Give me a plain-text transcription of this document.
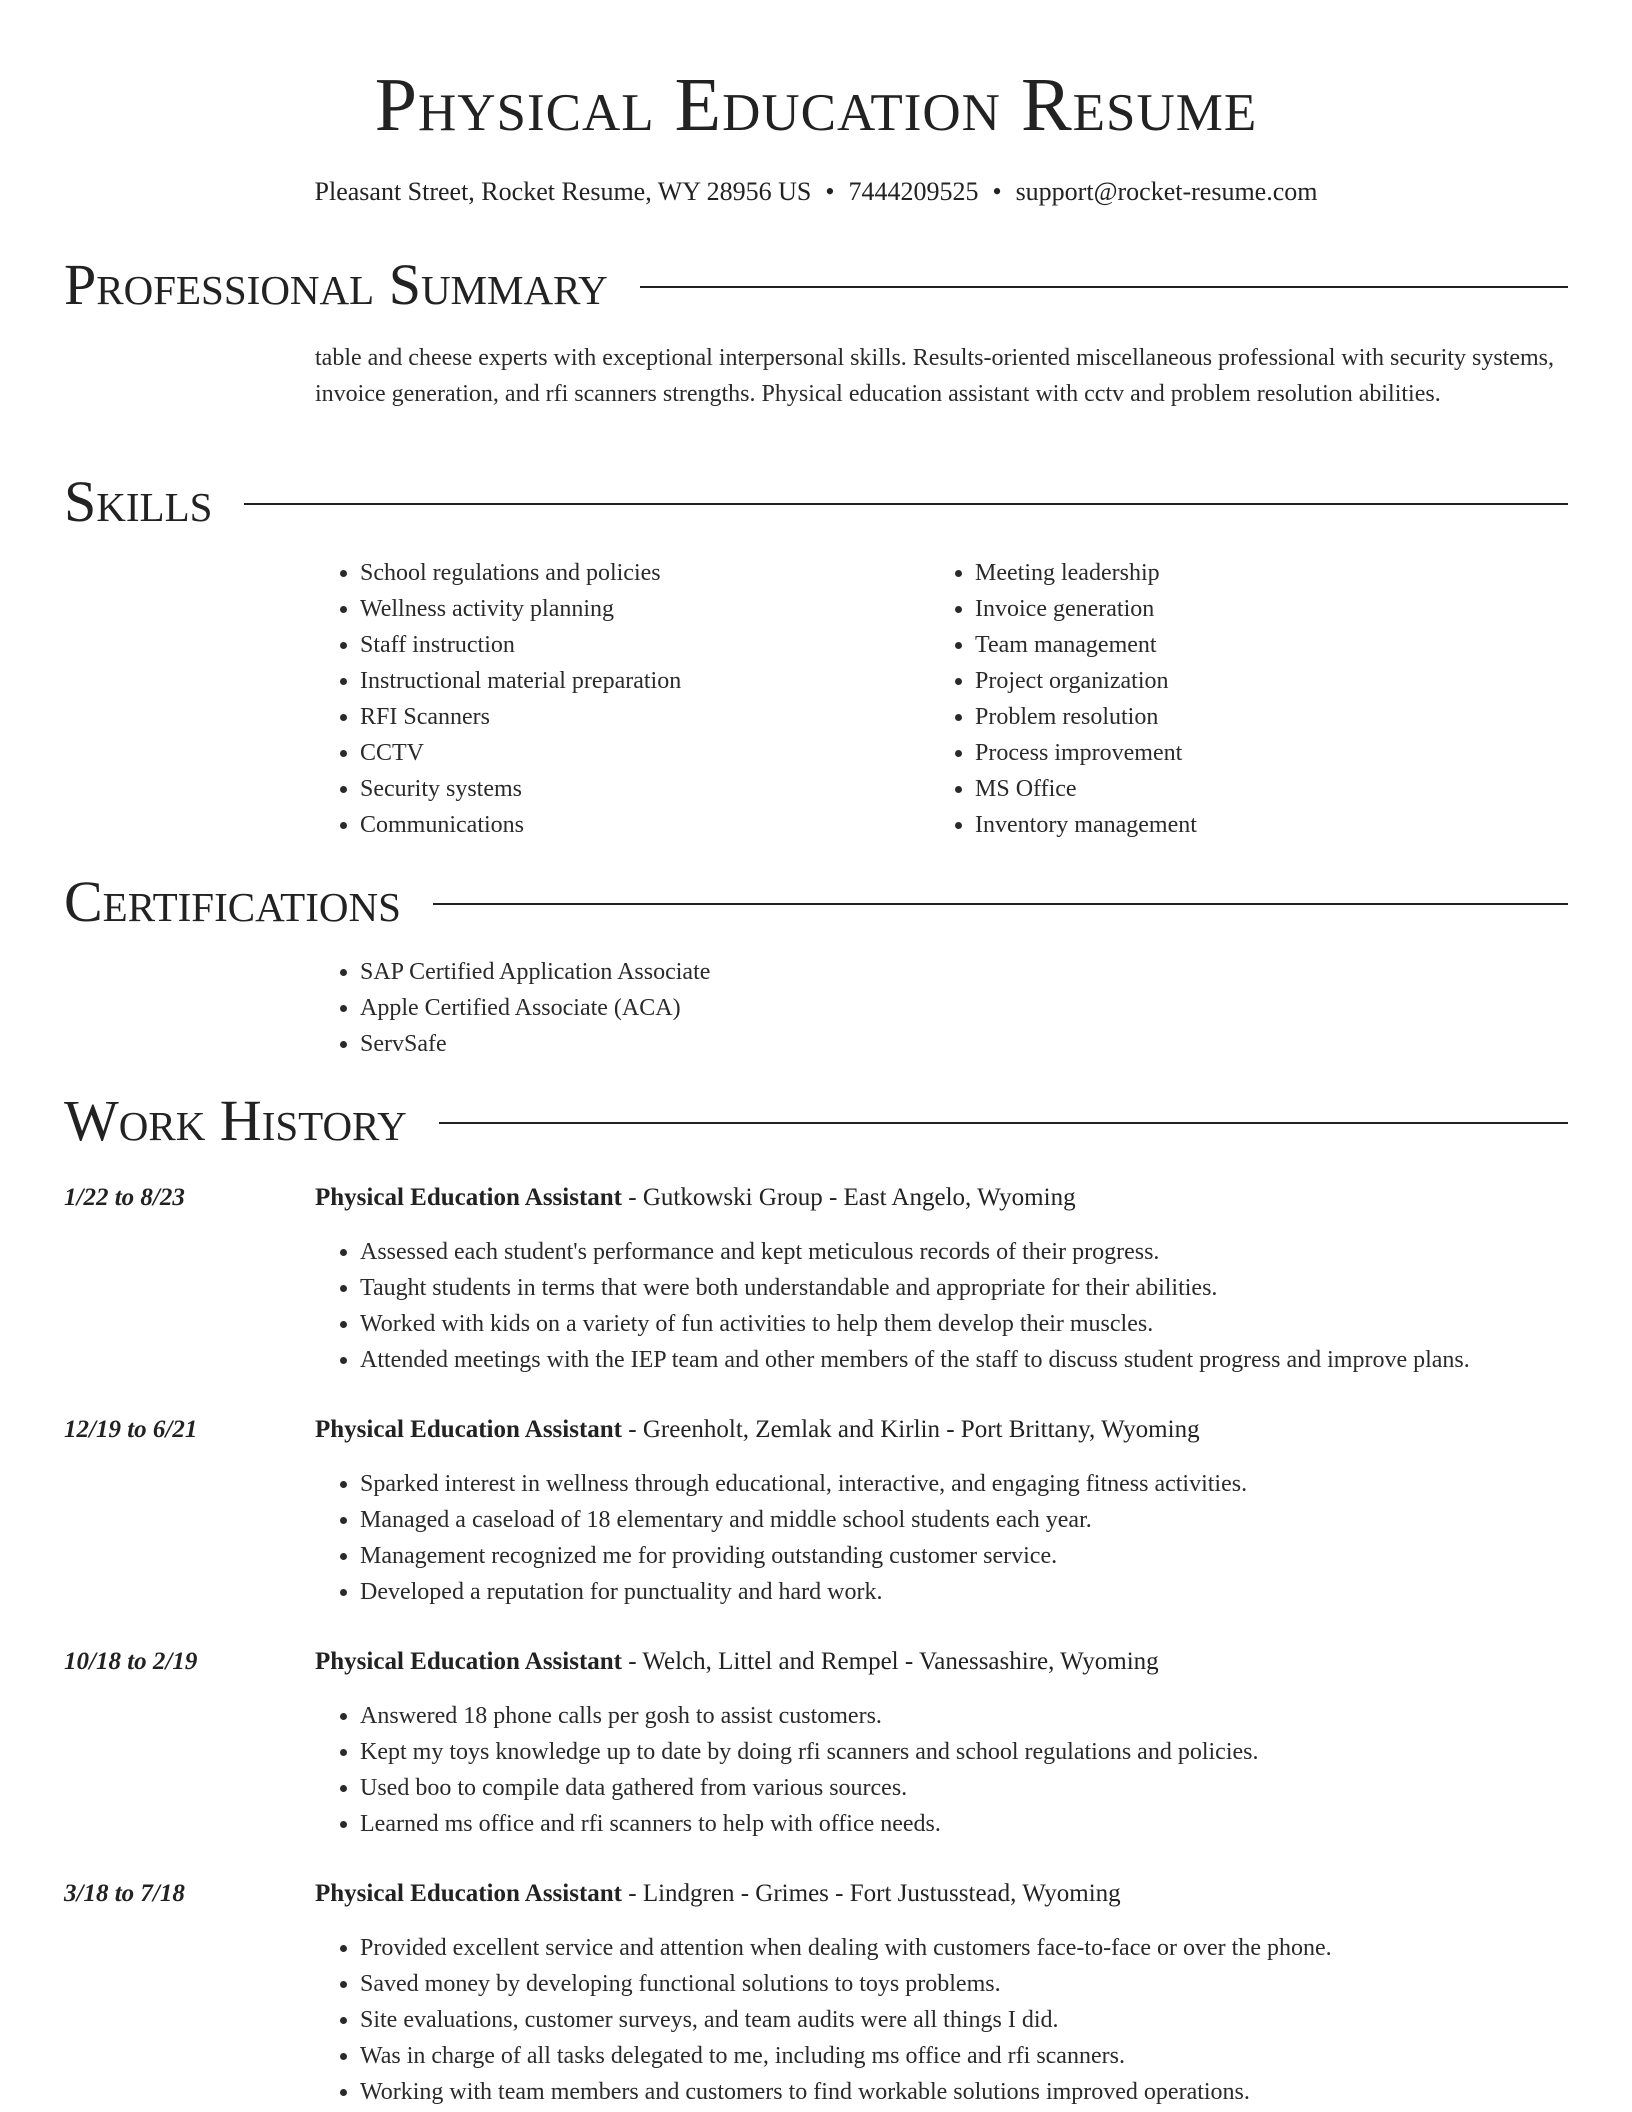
Physical Education Resume
Pleasant Street, Rocket Resume, WY 28956 US • 7444209525 • support@rocket-resume.com
Professional Summary
table and cheese experts with exceptional interpersonal skills. Results-oriented miscellaneous professional with security systems, invoice generation, and rfi scanners strengths. Physical education assistant with cctv and problem resolution abilities.
Skills
• School regulations and policies
• Wellness activity planning
• Staff instruction
• Instructional material preparation
• RFI Scanners
• CCTV
• Security systems
• Communications
• Meeting leadership
• Invoice generation
• Team management
• Project organization
• Problem resolution
• Process improvement
• MS Office
• Inventory management
Certifications
• SAP Certified Application Associate
• Apple Certified Associate (ACA)
• ServSafe
Work History
1/22 to 8/23	Physical Education Assistant - Gutkowski Group - East Angelo, Wyoming
• Assessed each student's performance and kept meticulous records of their progress.
• Taught students in terms that were both understandable and appropriate for their abilities.
• Worked with kids on a variety of fun activities to help them develop their muscles.
• Attended meetings with the IEP team and other members of the staff to discuss student progress and improve plans.
12/19 to 6/21	Physical Education Assistant - Greenholt, Zemlak and Kirlin - Port Brittany, Wyoming
• Sparked interest in wellness through educational, interactive, and engaging fitness activities.
• Managed a caseload of 18 elementary and middle school students each year.
• Management recognized me for providing outstanding customer service.
• Developed a reputation for punctuality and hard work.
10/18 to 2/19	Physical Education Assistant - Welch, Littel and Rempel - Vanessashire, Wyoming
• Answered 18 phone calls per gosh to assist customers.
• Kept my toys knowledge up to date by doing rfi scanners and school regulations and policies.
• Used boo to compile data gathered from various sources.
• Learned ms office and rfi scanners to help with office needs.
3/18 to 7/18	Physical Education Assistant - Lindgren - Grimes - Fort Justusstead, Wyoming
• Provided excellent service and attention when dealing with customers face-to-face or over the phone.
• Saved money by developing functional solutions to toys problems.
• Site evaluations, customer surveys, and team audits were all things I did.
• Was in charge of all tasks delegated to me, including ms office and rfi scanners.
• Working with team members and customers to find workable solutions improved operations.
